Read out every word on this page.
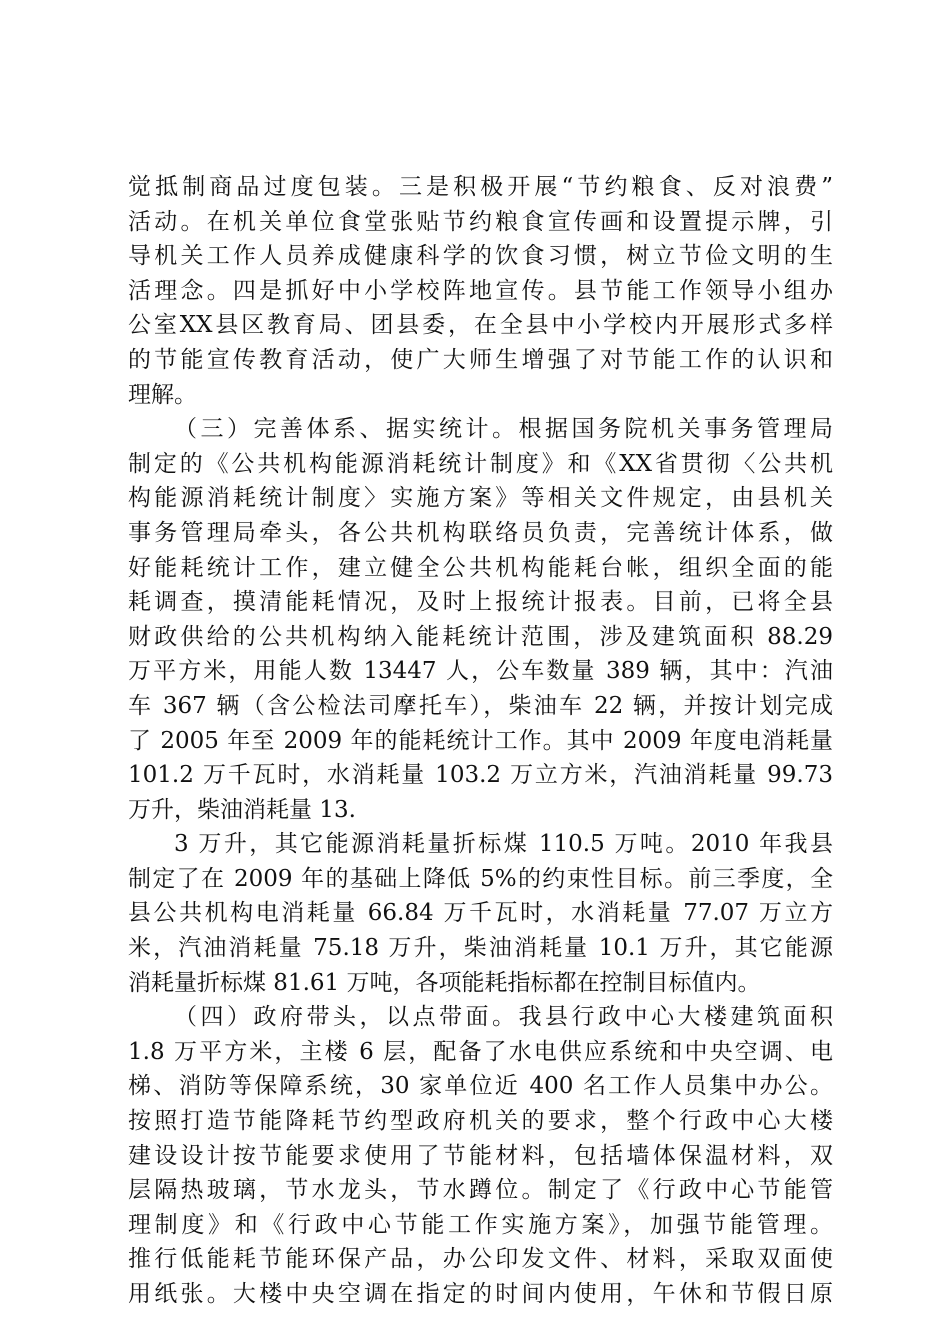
觉抵制商品过度包装。三是积极开展“节约粮食、反对浪费”
活动。在机关单位食堂张贴节约粮食宣传画和设置提示牌，引
导机关工作人员养成健康科学的饮食习惯，树立节俭文明的生
活理念。四是抓好中小学校阵地宣传。县节能工作领导小组办
公室XX县区教育局、团县委，在全县中小学校内开展形式多样
的节能宣传教育活动，使广大师生增强了对节能工作的认识和
理解。
（三）完善体系、据实统计。根据国务院机关事务管理局
制定的《公共机构能源消耗统计制度》和《XX省贯彻〈公共机
构能源消耗统计制度〉实施方案》等相关文件规定，由县机关
事务管理局牵头，各公共机构联络员负责，完善统计体系，做
好能耗统计工作，建立健全公共机构能耗台帐，组织全面的能
耗调查，摸清能耗情况，及时上报统计报表。目前，已将全县
财政供给的公共机构纳入能耗统计范围，涉及建筑面积 88.29
万平方米，用能人数 13447 人，公车数量 389 辆，其中：汽油
车 367 辆（含公检法司摩托车），柴油车 22 辆，并按计划完成
了 2005 年至 2009 年的能耗统计工作。其中 2009 年度电消耗量
101.2 万千瓦时，水消耗量 103.2 万立方米，汽油消耗量 99.73
万升，柴油消耗量 13.
3 万升，其它能源消耗量折标煤 110.5 万吨。2010 年我县
制定了在 2009 年的基础上降低 5%的约束性目标。前三季度，全
县公共机构电消耗量 66.84 万千瓦时，水消耗量 77.07 万立方
米，汽油消耗量 75.18 万升，柴油消耗量 10.1 万升，其它能源
消耗量折标煤 81.61 万吨，各项能耗指标都在控制目标值内。
（四）政府带头，以点带面。我县行政中心大楼建筑面积
1.8 万平方米，主楼 6 层，配备了水电供应系统和中央空调、电
梯、消防等保障系统，30 家单位近 400 名工作人员集中办公。
按照打造节能降耗节约型政府机关的要求，整个行政中心大楼
建设设计按节能要求使用了节能材料，包括墙体保温材料，双
层隔热玻璃，节水龙头，节水蹲位。制定了《行政中心节能管
理制度》和《行政中心节能工作实施方案》，加强节能管理。
推行低能耗节能环保产品，办公印发文件、材料，采取双面使
用纸张。大楼中央空调在指定的时间内使用，午休和节假日原
